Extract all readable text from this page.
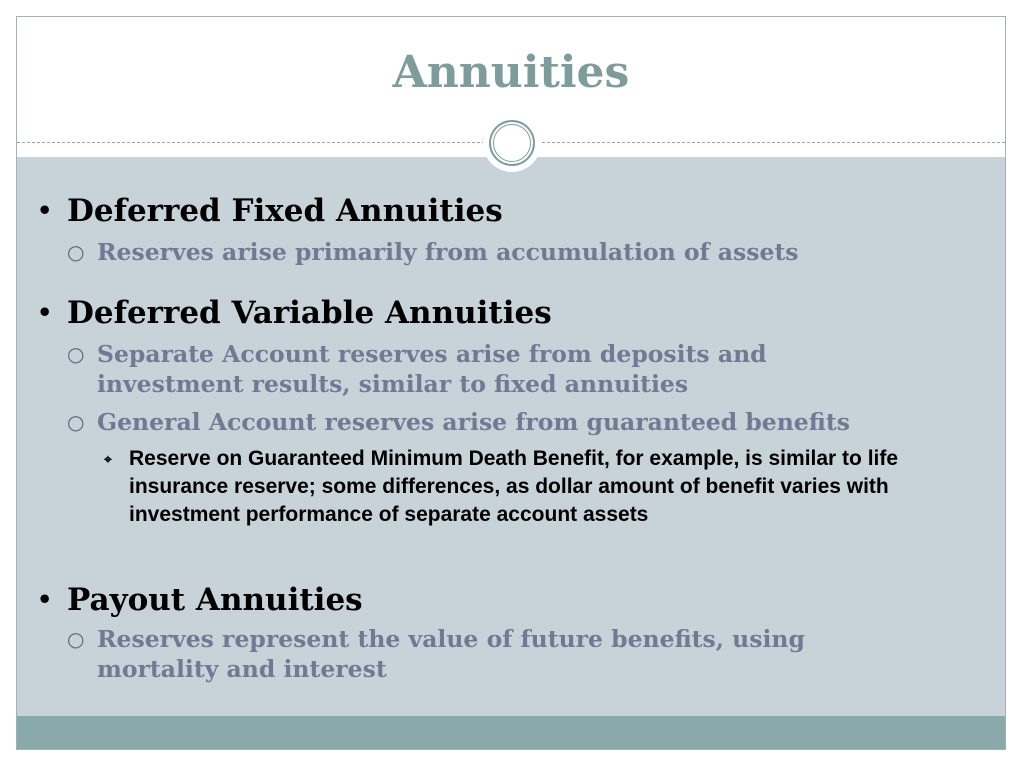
Annuities
• Deferred Fixed Annuities
○ Reserves arise primarily from accumulation of assets
• Deferred Variable Annuities
○ Separate Account reserves arise from deposits and investment results, similar to fixed annuities
○ General Account reserves arise from guaranteed benefits
⌖ Reserve on Guaranteed Minimum Death Benefit, for example, is similar to life insurance reserve; some differences, as dollar amount of benefit varies with investment performance of separate account assets
• Payout Annuities
○ Reserves represent the value of future benefits, using mortality and interest
